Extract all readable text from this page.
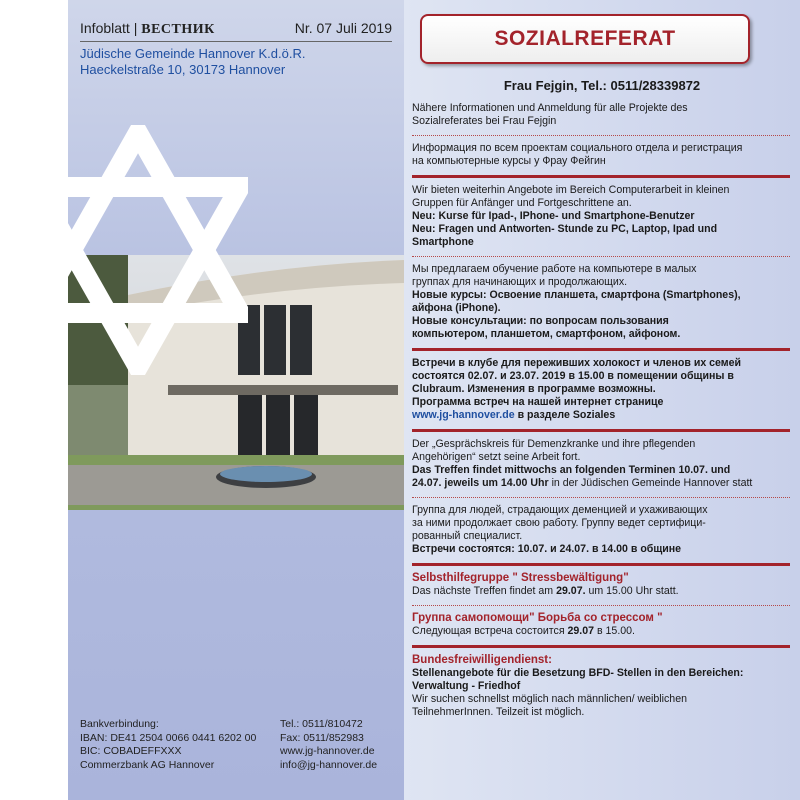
Infoblatt | ВЕСТНИК	Nr. 07 Juli 2019
Jüdische Gemeinde Hannover K.d.ö.R.
Haeckelstraße 10, 30173 Hannover
Bankverbindung:
IBAN: DE41 2504 0066 0441 6202 00
BIC: COBADEFFXXX
Commerzbank AG Hannover
Tel.: 0511/810472
Fax: 0511/852983
www.jg-hannover.de
info@jg-hannover.de
SOZIALREFERAT
Frau Fejgin, Tel.: 0511/28339872

Nähere Informationen und Anmeldung für alle Projekte des

Sozialreferates bei Frau Fejgin

Информация по всем проектам социального отдела и регистрация

на компьютерные курсы у Фрау Фейгин

Wir bieten weiterhin Angebote im Bereich Computerarbeit in kleinen

Gruppen für Anfänger und Fortgeschrittene an.

Neu: Kurse für Ipad-, IPhone- und Smartphone-Benutzer

Neu: Fragen und Antworten- Stunde zu PC, Laptop, Ipad und

Smartphone

Мы предлагаем обучение работе на компьютере в малых

группах для начинающих и продолжающих.

Новые курсы: Освоение планшета, смартфона (Smartphones),

айфона (iPhone).

Новые консультации: по вопросам пользования

компьютером, планшетом, смартфоном, айфоном.

Встречи в клубе для переживших холокост и членов их семей

состоятся 02.07. и 23.07. 2019 в 15.00 в помещении общины в

Clubraum. Изменения в программе возможны.

Программа встреч на нашей интернет странице

www.jg-hannover.de в разделе Soziales

Der „Gesprächskreis für Demenzkranke und ihre pflegenden

Angehörigen“ setzt seine Arbeit fort.

Das Treffen findet mittwochs an folgenden Terminen 10.07. und

24.07. jeweils um 14.00 Uhr in der Jüdischen Gemeinde Hannover statt

Группа для людей, страдающих деменцией и ухаживающих

за ними продолжает свою работу. Группу ведет сертифици-

рованный специалист.

Встречи состоятся: 10.07. и 24.07. в 14.00 в общине

Selbsthilfegruppe " Stressbewältigung"

Das nächste Treffen findet am 29.07. um 15.00 Uhr statt.

Группа самопомощи" Борьба со стрессом "

Следующая встреча состоится 29.07 в 15.00.

Bundesfreiwilligendienst:

Stellenangebote für die Besetzung BFD- Stellen in den Bereichen:

Verwaltung - Friedhof

Wir suchen schnellst möglich nach männlichen/ weiblichen

TeilnehmerInnen. Teilzeit ist möglich.
